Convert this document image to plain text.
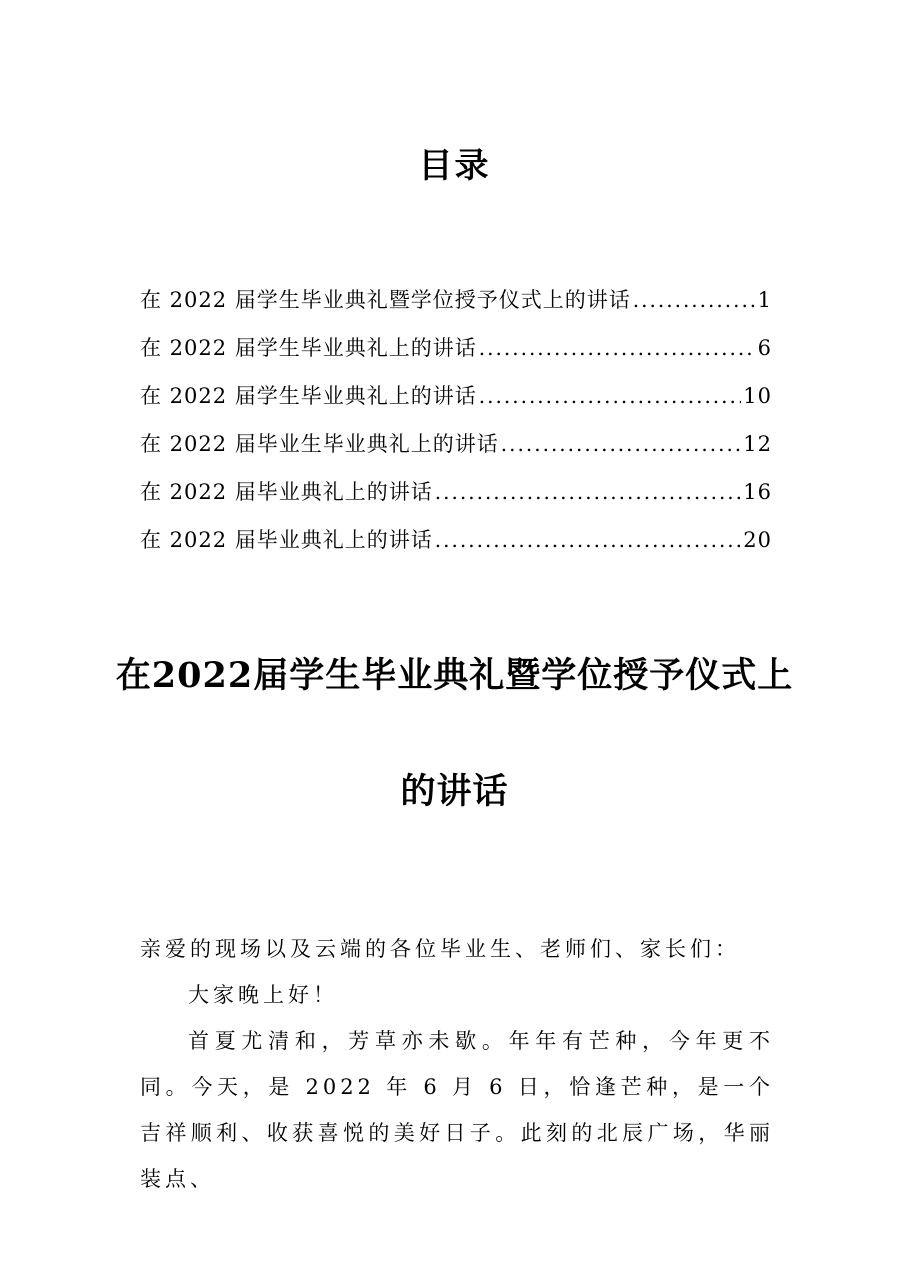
目录
在 2022 届学生毕业典礼暨学位授予仪式上的讲话 .....	1
在 2022 届学生毕业典礼上的讲话 .....	6
在 2022 届学生毕业典礼上的讲话 .....	10
在 2022 届毕业生毕业典礼上的讲话 .....	12
在 2022 届毕业典礼上的讲话 .....	16
在 2022 届毕业典礼上的讲话 .....	20
在2022届学生毕业典礼暨学位授予仪式上
的讲话

亲爱的现场以及云端的各位毕业生、老师们、家长们：

大家晚上好！

首夏尤清和，芳草亦未歇。年年有芒种，今年更不同。今天，是 2022 年 6 月 6 日，恰逢芒种，是一个吉祥顺利、收获喜悦的美好日子。此刻的北辰广场，华丽装点、
